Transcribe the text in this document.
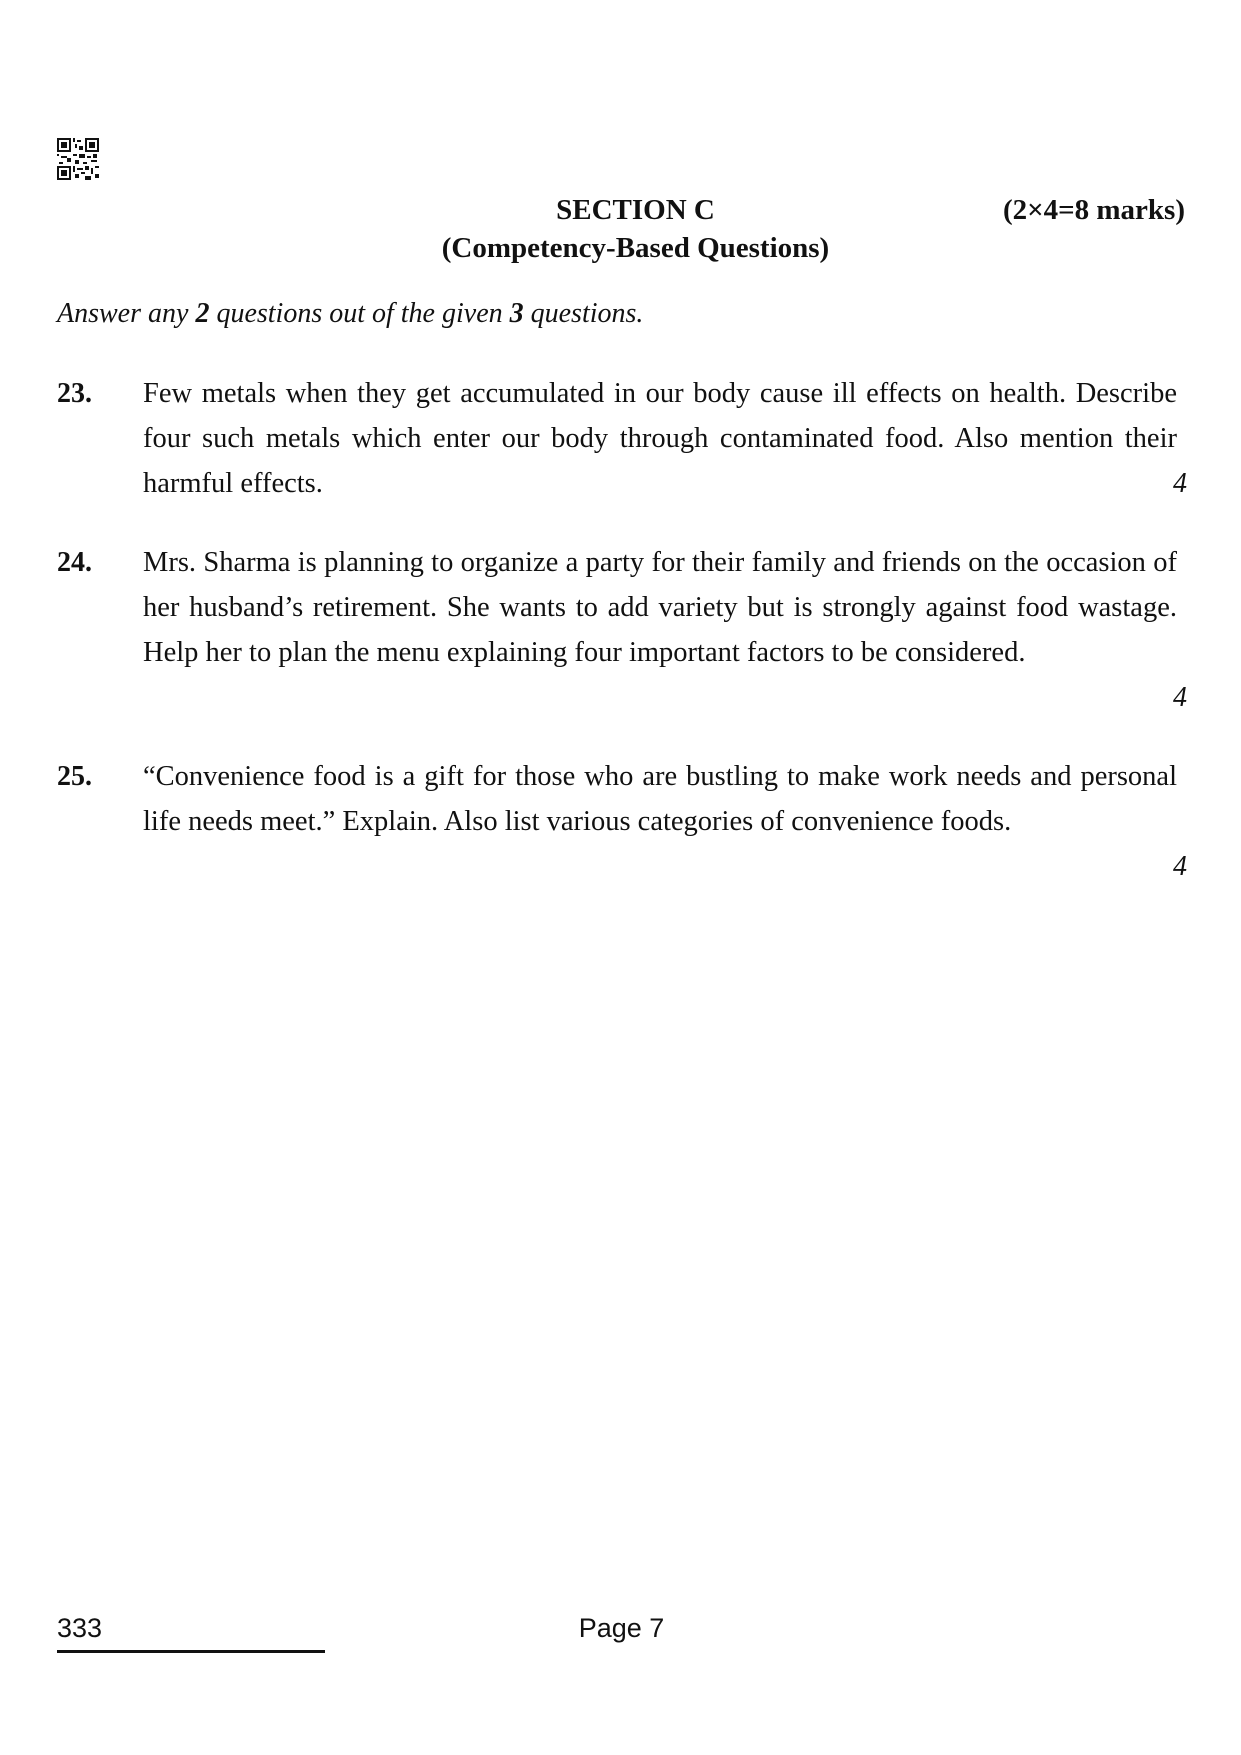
SECTION C	(2×4=8 marks)
(Competency-Based Questions)
Answer any 2 questions out of the given 3 questions.
23. Few metals when they get accumulated in our body cause ill effects on health. Describe four such metals which enter our body through contaminated food. Also mention their harmful effects.	4
24. Mrs. Sharma is planning to organize a party for their family and friends on the occasion of her husband’s retirement. She wants to add variety but is strongly against food wastage. Help her to plan the menu explaining four important factors to be considered.
4
25. “Convenience food is a gift for those who are bustling to make work needs and personal life needs meet.” Explain. Also list various categories of convenience foods.
4
333	Page 7
